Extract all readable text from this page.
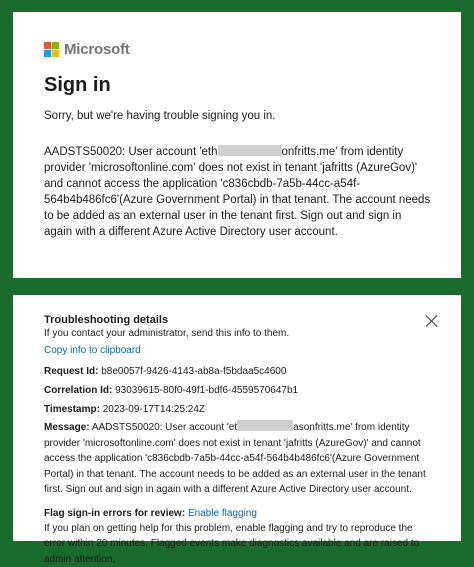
Microsoft
Sign in
Sorry, but we're having trouble signing you in.
AADSTS50020: User account 'eth	onfritts.me' from identity provider 'microsoftonline.com' does not exist in tenant 'jafritts (AzureGov)' and cannot access the application 'c836cbdb-7a5b-44cc-a54f-564b4b486fc6'(Azure Government Portal) in that tenant. The account needs to be added as an external user in the tenant first. Sign out and sign in again with a different Azure Active Directory user account.
Troubleshooting details
If you contact your administrator, send this info to them.
Copy info to clipboard
Request Id: b8e0057f-9426-4143-ab8a-f5bdaa5c4600
Correlation Id: 93039615-80f0-49f1-bdf6-4559570647b1
Timestamp: 2023-09-17T14:25:24Z
Message: AADSTS50020: User account 'et	asonfritts.me' from identity provider 'microsoftonline.com' does not exist in tenant 'jafritts (AzureGov)' and cannot access the application 'c836cbdb-7a5b-44cc-a54f-564b4b486fc6'(Azure Government Portal) in that tenant. The account needs to be added as an external user in the tenant first. Sign out and sign in again with a different Azure Active Directory user account.
Flag sign-in errors for review: Enable flagging
If you plan on getting help for this problem, enable flagging and try to reproduce the error within 20 minutes. Flagged events make diagnostics available and are raised to admin attention.
